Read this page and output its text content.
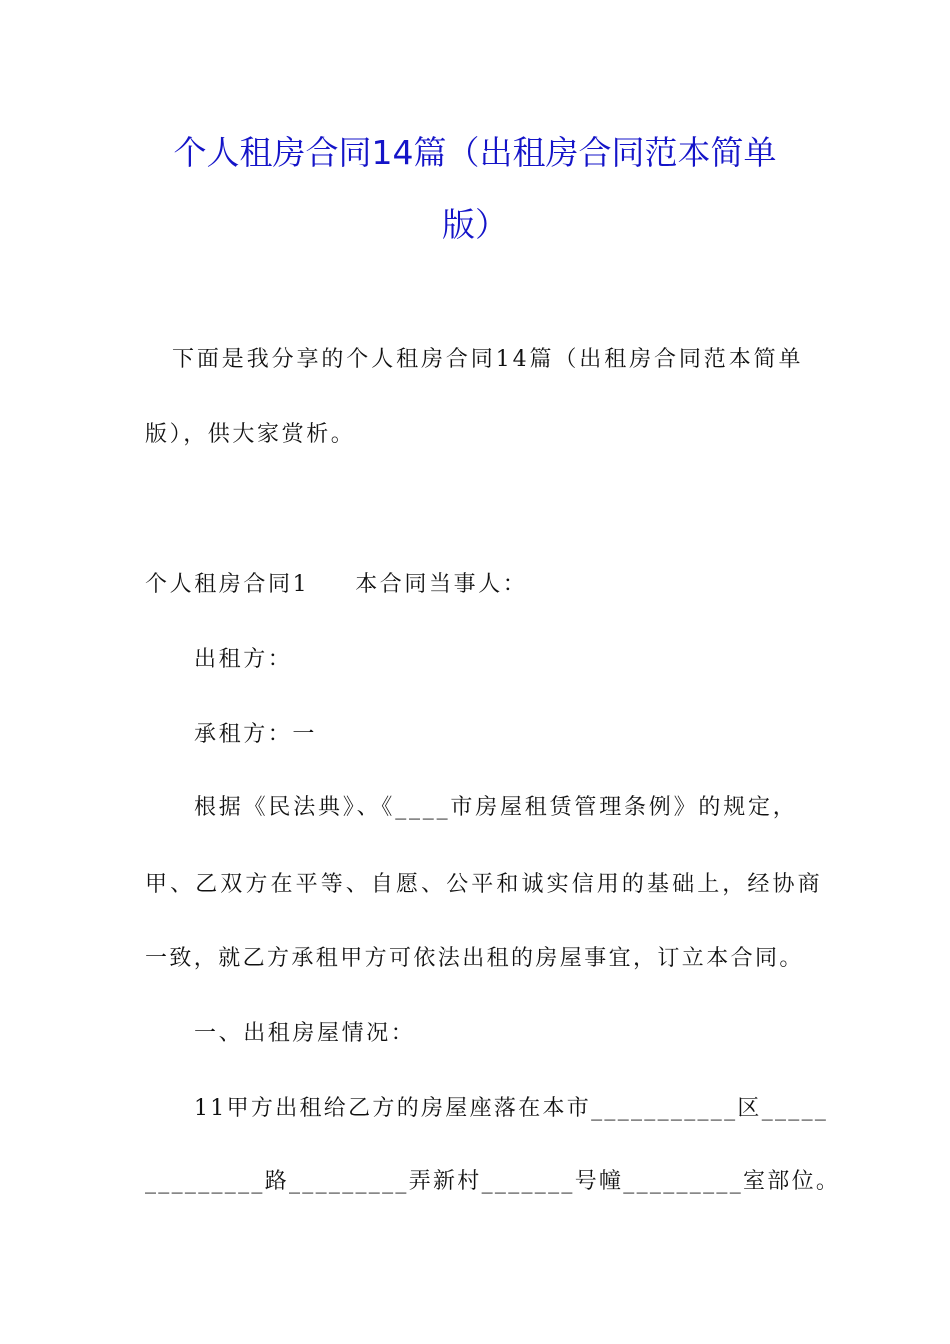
个人租房合同14篇（出租房合同范本简单
版）
下面是我分享的个人租房合同14篇（出租房合同范本简单
版），供大家赏析。
个人租房合同1 本合同当事人：
出租方：
承租方：一
根据《民法典》、《____市房屋租赁管理条例》的规定，
甲、乙双方在平等、自愿、公平和诚实信用的基础上，经协商
一致，就乙方承租甲方可依法出租的房屋事宜，订立本合同。
一、出租房屋情况：
11甲方出租给乙方的房屋座落在本市___________区_____
_________路_________弄新村_______号幢_________室部位。
